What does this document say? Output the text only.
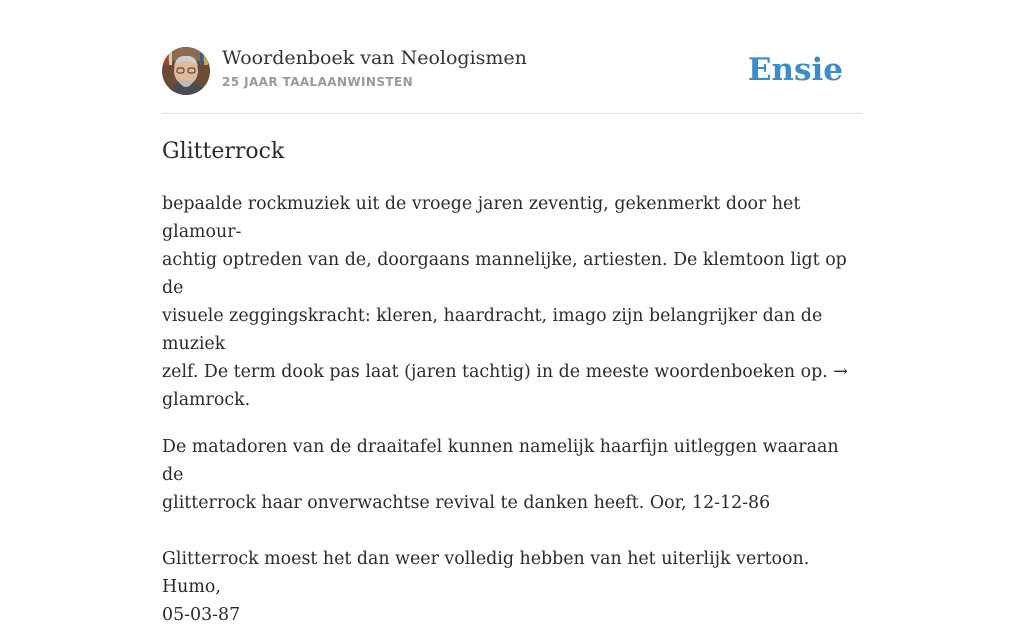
Woordenboek van Neologismen
25 JAAR TAALAANWINSTEN	Ensie
Glitterrock

bepaalde rockmuziek uit de vroege jaren zeventig, gekenmerkt door het glamour-
achtig optreden van de, doorgaans mannelijke, artiesten. De klemtoon ligt op de
visuele zeggingskracht: kleren, haardracht, imago zijn belangrijker dan de muziek
zelf. De term dook pas laat (jaren tachtig) in de meeste woordenboeken op. →
glamrock.

De matadoren van de draaitafel kunnen namelijk haarfijn uitleggen waaraan de
glitterrock haar onverwachtse revival te danken heeft. Oor, 12-12-86

Glitterrock moest het dan weer volledig hebben van het uiterlijk vertoon. Humo,
05-03-87
